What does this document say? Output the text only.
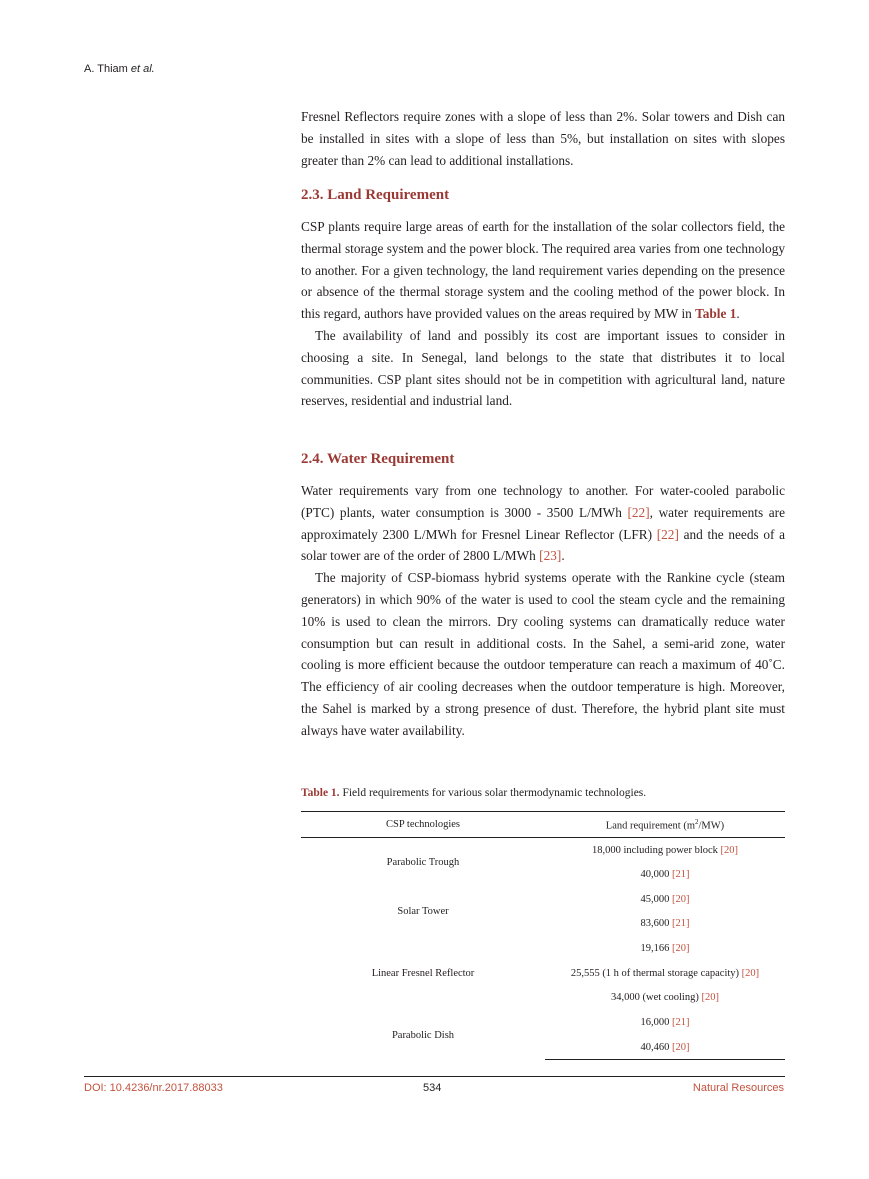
A. Thiam et al.

Fresnel Reflectors require zones with a slope of less than 2%. Solar towers and Dish can be installed in sites with a slope of less than 5%, but installation on sites with slopes greater than 2% can lead to additional installations.

2.3. Land Requirement

CSP plants require large areas of earth for the installation of the solar collectors field, the thermal storage system and the power block. The required area varies from one technology to another. For a given technology, the land requirement varies depending on the presence or absence of the thermal storage system and the cooling method of the power block. In this regard, authors have provided values on the areas required by MW in Table 1.

The availability of land and possibly its cost are important issues to consider in choosing a site. In Senegal, land belongs to the state that distributes it to local communities. CSP plant sites should not be in competition with agricultural land, nature reserves, residential and industrial land.

2.4. Water Requirement

Water requirements vary from one technology to another. For water-cooled parabolic (PTC) plants, water consumption is 3000 - 3500 L/MWh [22], water requirements are approximately 2300 L/MWh for Fresnel Linear Reflector (LFR) [22] and the needs of a solar tower are of the order of 2800 L/MWh [23].

The majority of CSP-biomass hybrid systems operate with the Rankine cycle (steam generators) in which 90% of the water is used to cool the steam cycle and the remaining 10% is used to clean the mirrors. Dry cooling systems can dramatically reduce water consumption but can result in additional costs. In the Sahel, a semi-arid zone, water cooling is more efficient because the outdoor temperature can reach a maximum of 40˚C. The efficiency of air cooling decreases when the outdoor temperature is high. Moreover, the Sahel is marked by a strong presence of dust. Therefore, the hybrid plant site must always have water availability.

Table 1. Field requirements for various solar thermodynamic technologies.
CSP technologies	Land requirement $(m^2/MW)$
Parabolic Trough	18,000 including power block [20]
	40,000 [21]
Solar Tower	45,000 [20]
	83,600 [21]
Linear Fresnel Reflector	19,166 [20]
	25,555 (1 h of thermal storage capacity) [20]
	34,000 (wet cooling) [20]
Parabolic Dish	16,000 [21]
	40,460 [20]
DOI: 10.4236/nr.2017.88033	534	Natural Resources
